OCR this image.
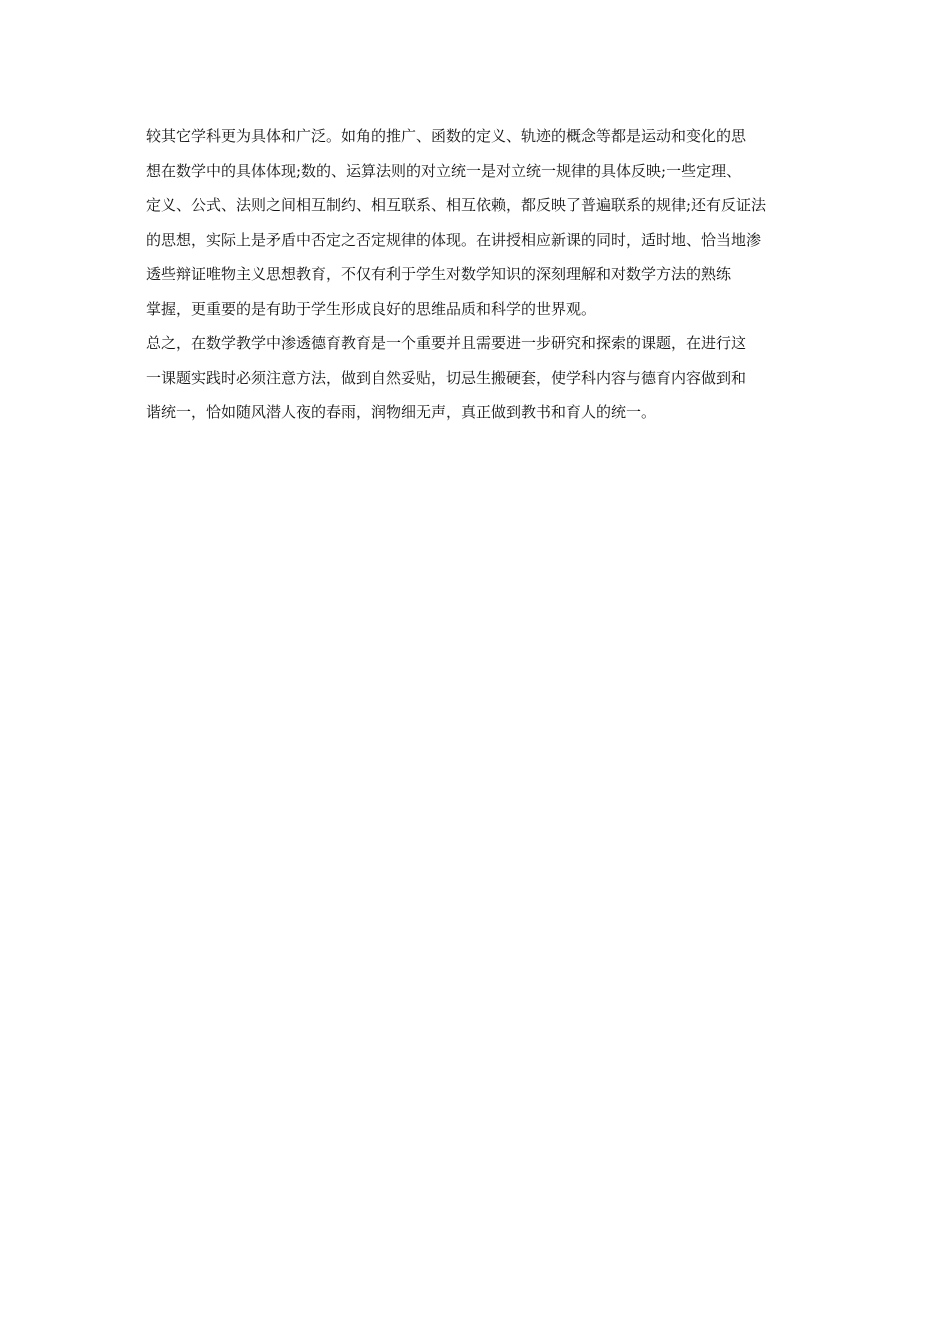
较其它学科更为具体和广泛。如角的推广、函数的定义、轨迹的概念等都是运动和变化的思
想在数学中的具体体现;数的、运算法则的对立统一是对立统一规律的具体反映;一些定理、
定义、公式、法则之间相互制约、相互联系、相互依赖，都反映了普遍联系的规律;还有反证法
的思想，实际上是矛盾中否定之否定规律的体现。在讲授相应新课的同时，适时地、恰当地渗
透些辩证唯物主义思想教育，不仅有利于学生对数学知识的深刻理解和对数学方法的熟练
掌握，更重要的是有助于学生形成良好的思维品质和科学的世界观。
总之，在数学教学中渗透德育教育是一个重要并且需要进一步研究和探索的课题，在进行这
一课题实践时必须注意方法，做到自然妥贴，切忌生搬硬套，使学科内容与德育内容做到和
谐统一，恰如随风潜人夜的春雨，润物细无声，真正做到教书和育人的统一。
